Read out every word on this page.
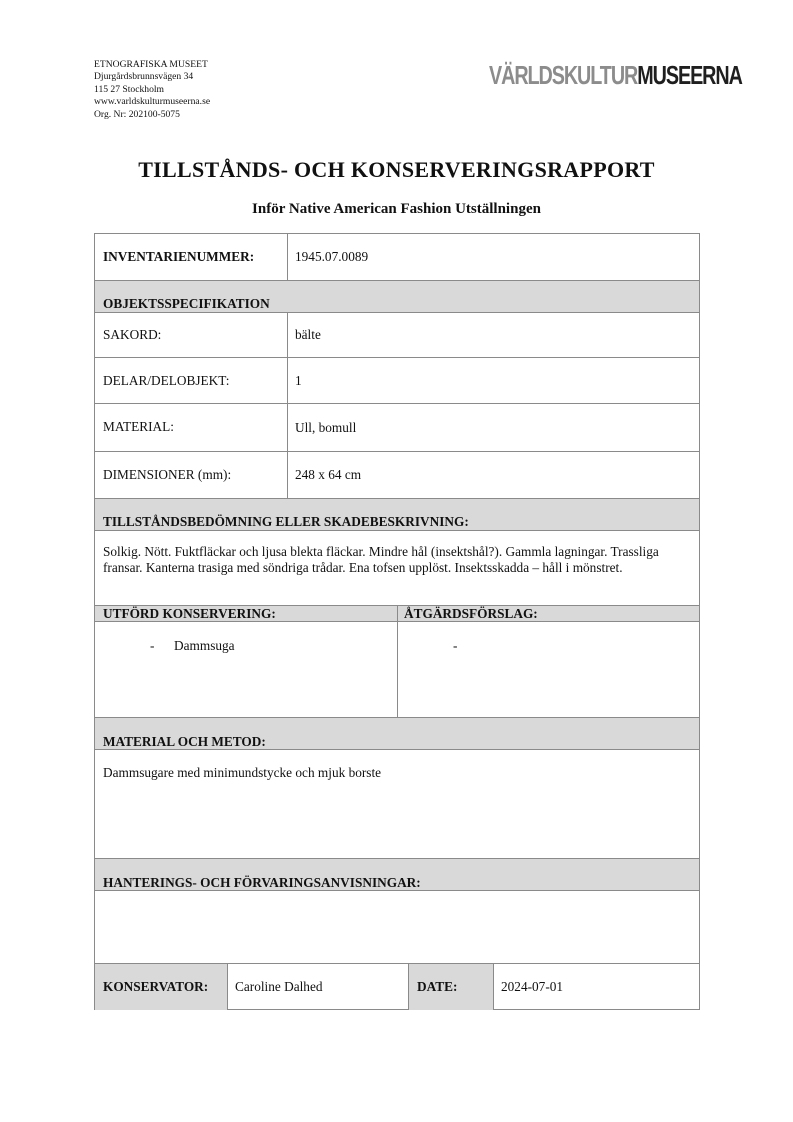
ETNOGRAFISKA MUSEET
Djurgårdsbrunnsvägen 34
115 27 Stockholm
www.varldskulturmuseerna.se
Org. Nr: 202100-5075
VÄRLDSKULTURMUSEERNA
TILLSTÅNDS- OCH KONSERVERINGSRAPPORT
Inför Native American Fashion Utställningen
INVENTARIENUMMER:	1945.07.0089
OBJEKTSSPECIFIKATION
SAKORD:	bälte
DELAR/DELOBJEKT:	1
MATERIAL:	Ull, bomull
DIMENSIONER (mm):	248 x 64 cm
TILLSTÅNDSBEDÖMNING ELLER SKADEBESKRIVNING:
Solkig. Nött. Fuktfläckar och ljusa blekta fläckar. Mindre hål (insektshål?). Gammla lagningar. Trassliga fransar. Kanterna trasiga med söndriga trådar. Ena tofsen upplöst. Insektsskadda – håll i mönstret.
UTFÖRD KONSERVERING:	ÅTGÄRDSFÖRSLAG:
- Dammsuga	-
MATERIAL OCH METOD:
Dammsugare med minimundstycke och mjuk borste
HANTERINGS- OCH FÖRVARINGSANVISNINGAR:
KONSERVATOR:	Caroline Dalhed	DATE:	2024-07-01
